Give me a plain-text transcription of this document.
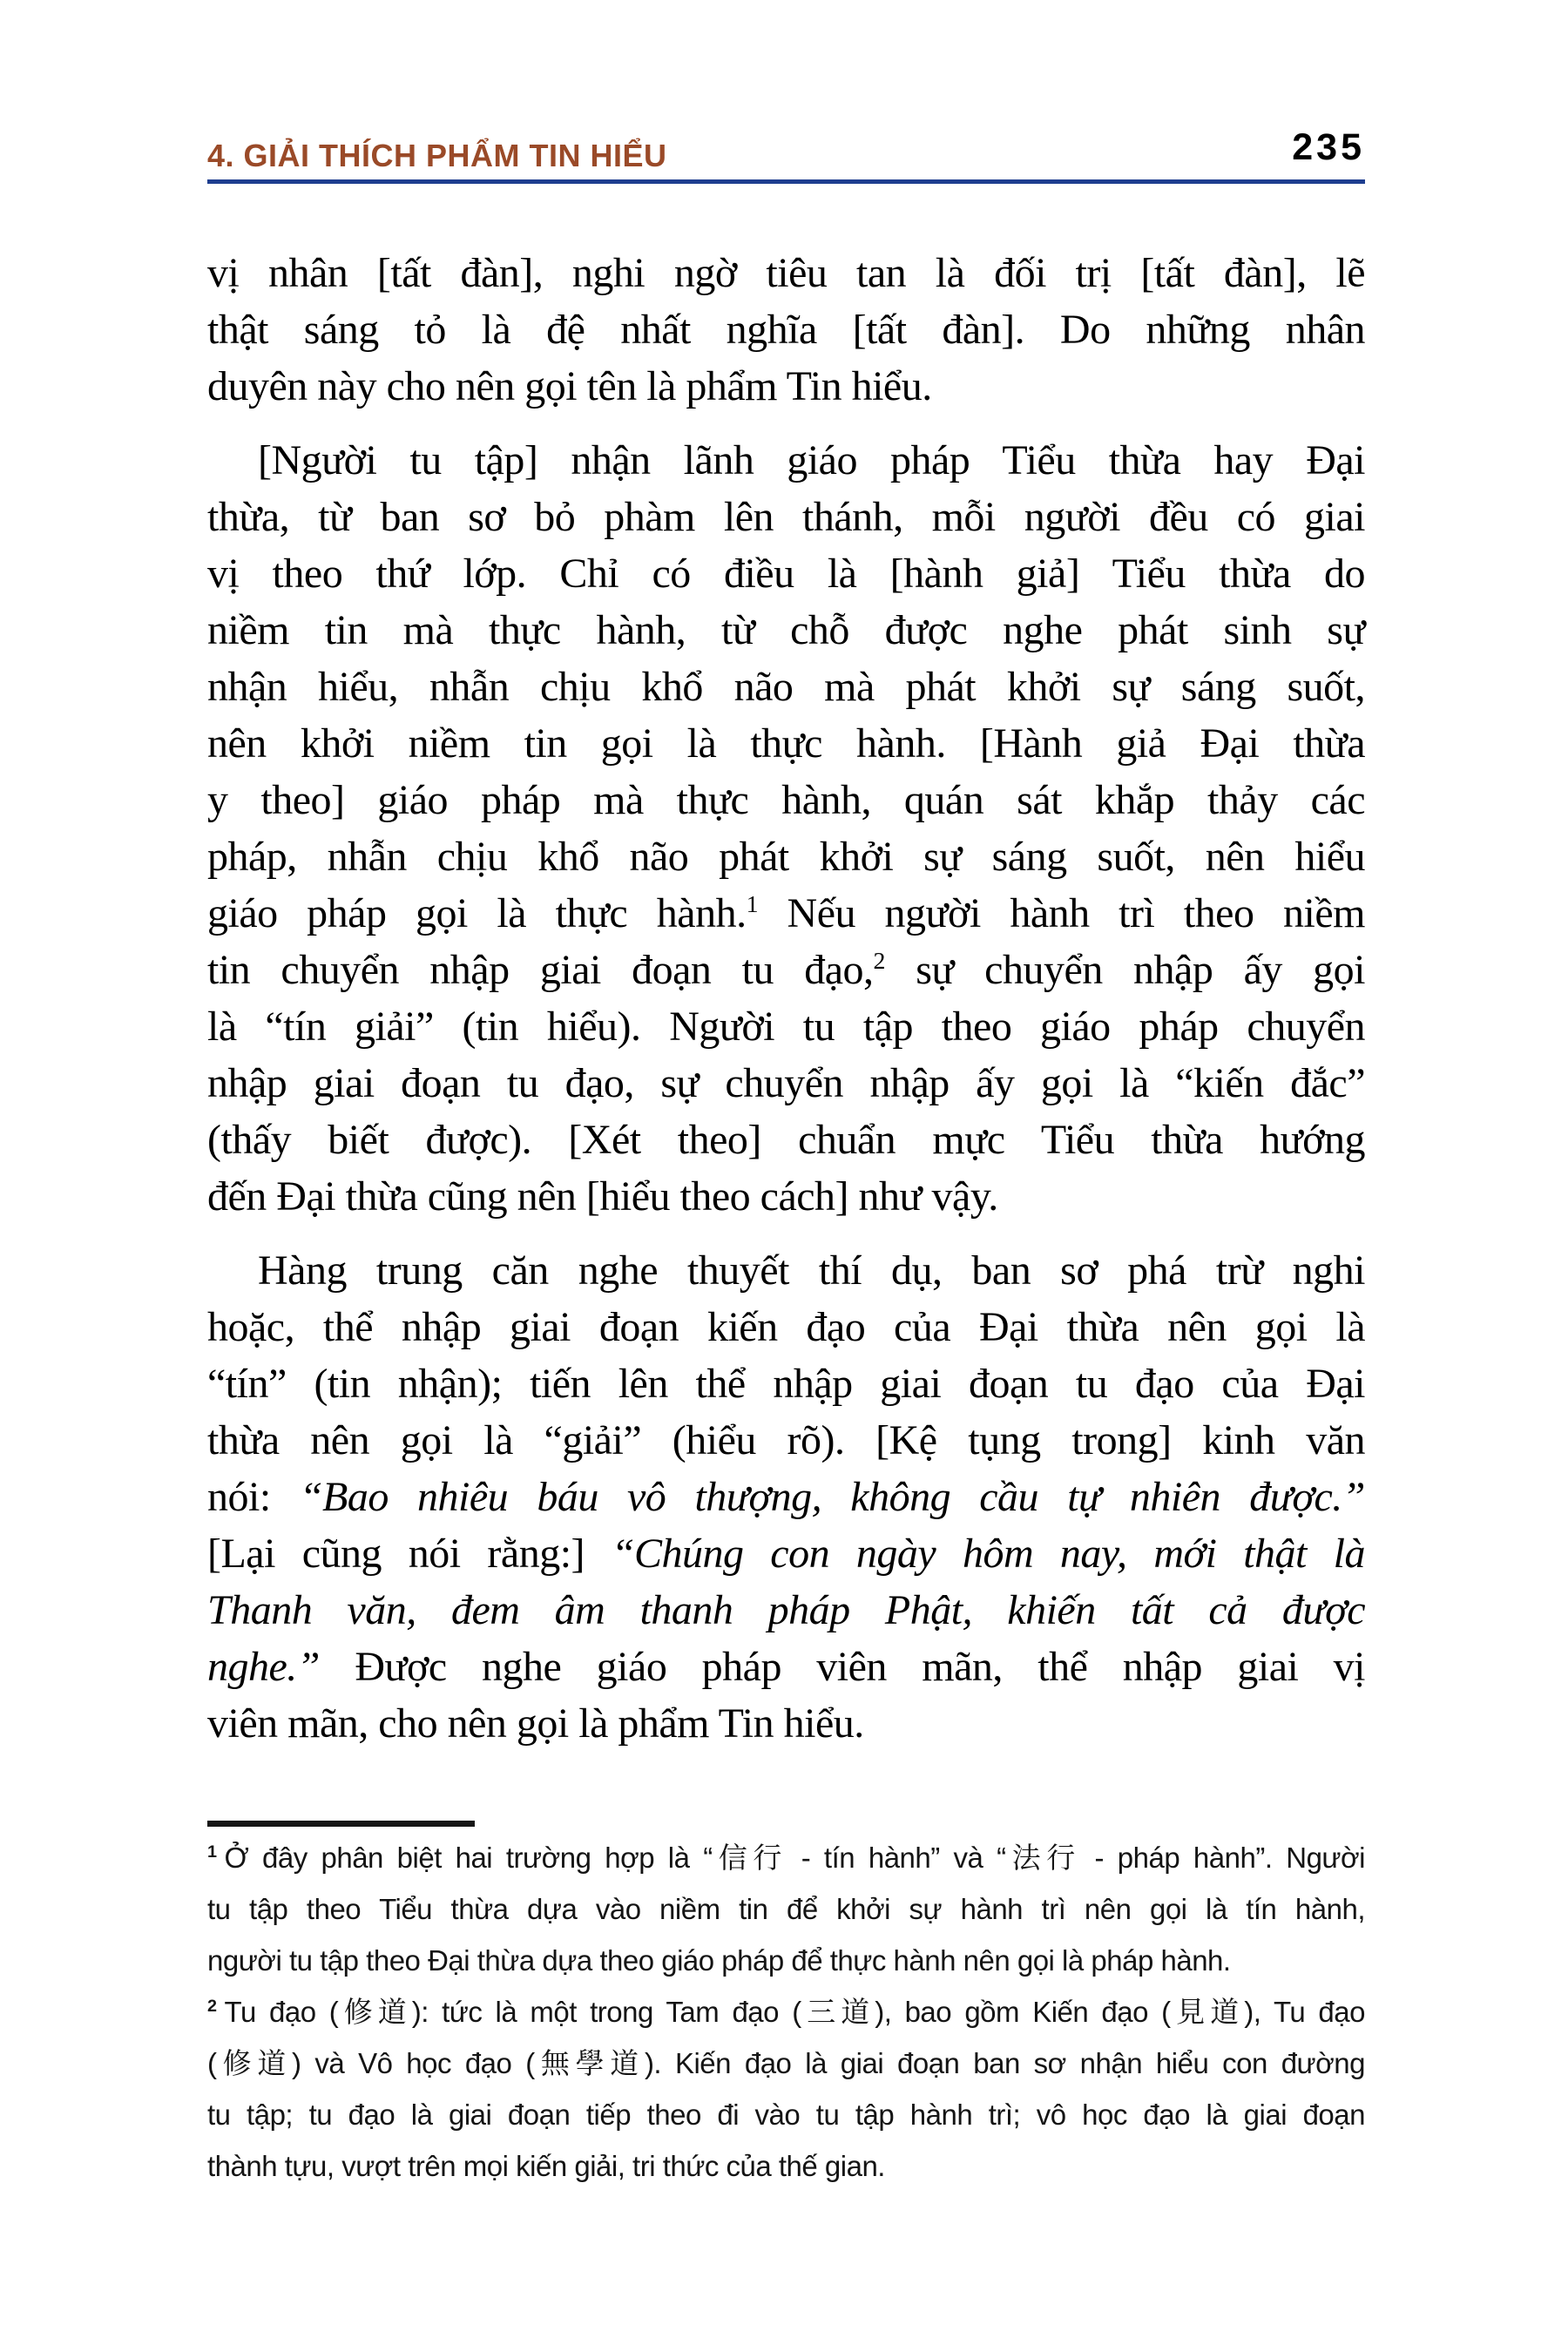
4. GIẢI THÍCH PHẨM TIN HIỂU	235
vị nhân [tất đàn], nghi ngờ tiêu tan là đối trị [tất đàn], lẽ
thật sáng tỏ là đệ nhất nghĩa [tất đàn]. Do những nhân
duyên này cho nên gọi tên là phẩm Tin hiểu.
[Người tu tập] nhận lãnh giáo pháp Tiểu thừa hay Đại
thừa, từ ban sơ bỏ phàm lên thánh, mỗi người đều có giai
vị theo thứ lớp. Chỉ có điều là [hành giả] Tiểu thừa do
niềm tin mà thực hành, từ chỗ được nghe phát sinh sự
nhận hiểu, nhẫn chịu khổ não mà phát khởi sự sáng suốt,
nên khởi niềm tin gọi là thực hành. [Hành giả Đại thừa
y theo] giáo pháp mà thực hành, quán sát khắp thảy các
pháp, nhẫn chịu khổ não phát khởi sự sáng suốt, nên hiểu
giáo pháp gọi là thực hành.$^1$ Nếu người hành trì theo niềm
tin chuyển nhập giai đoạn tu đạo,$^2$ sự chuyển nhập ấy gọi
là “tín giải” (tin hiểu). Người tu tập theo giáo pháp chuyển
nhập giai đoạn tu đạo, sự chuyển nhập ấy gọi là “kiến đắc”
(thấy biết được). [Xét theo] chuẩn mực Tiểu thừa hướng
đến Đại thừa cũng nên [hiểu theo cách] như vậy.
Hàng trung căn nghe thuyết thí dụ, ban sơ phá trừ nghi
hoặc, thể nhập giai đoạn kiến đạo của Đại thừa nên gọi là
“tín” (tin nhận); tiến lên thể nhập giai đoạn tu đạo của Đại
thừa nên gọi là “giải” (hiểu rõ). [Kệ tụng trong] kinh văn
nói: “Bao nhiêu báu vô thượng, không cầu tự nhiên được.”
[Lại cũng nói rằng:] “Chúng con ngày hôm nay, mới thật là
Thanh văn, đem âm thanh pháp Phật, khiến tất cả được
nghe.” Được nghe giáo pháp viên mãn, thể nhập giai vị
viên mãn, cho nên gọi là phẩm Tin hiểu.
$^1$ Ở đây phân biệt hai trường hợp là “信行 - tín hành” và “法行 - pháp hành”. Người
tu tập theo Tiểu thừa dựa vào niềm tin để khởi sự hành trì nên gọi là tín hành,
người tu tập theo Đại thừa dựa theo giáo pháp để thực hành nên gọi là pháp hành.
$^2$ Tu đạo (修道): tức là một trong Tam đạo (三道), bao gồm Kiến đạo (見道), Tu đạo
(修道) và Vô học đạo (無學道). Kiến đạo là giai đoạn ban sơ nhận hiểu con đường
tu tập; tu đạo là giai đoạn tiếp theo đi vào tu tập hành trì; vô học đạo là giai đoạn
thành tựu, vượt trên mọi kiến giải, tri thức của thế gian.
